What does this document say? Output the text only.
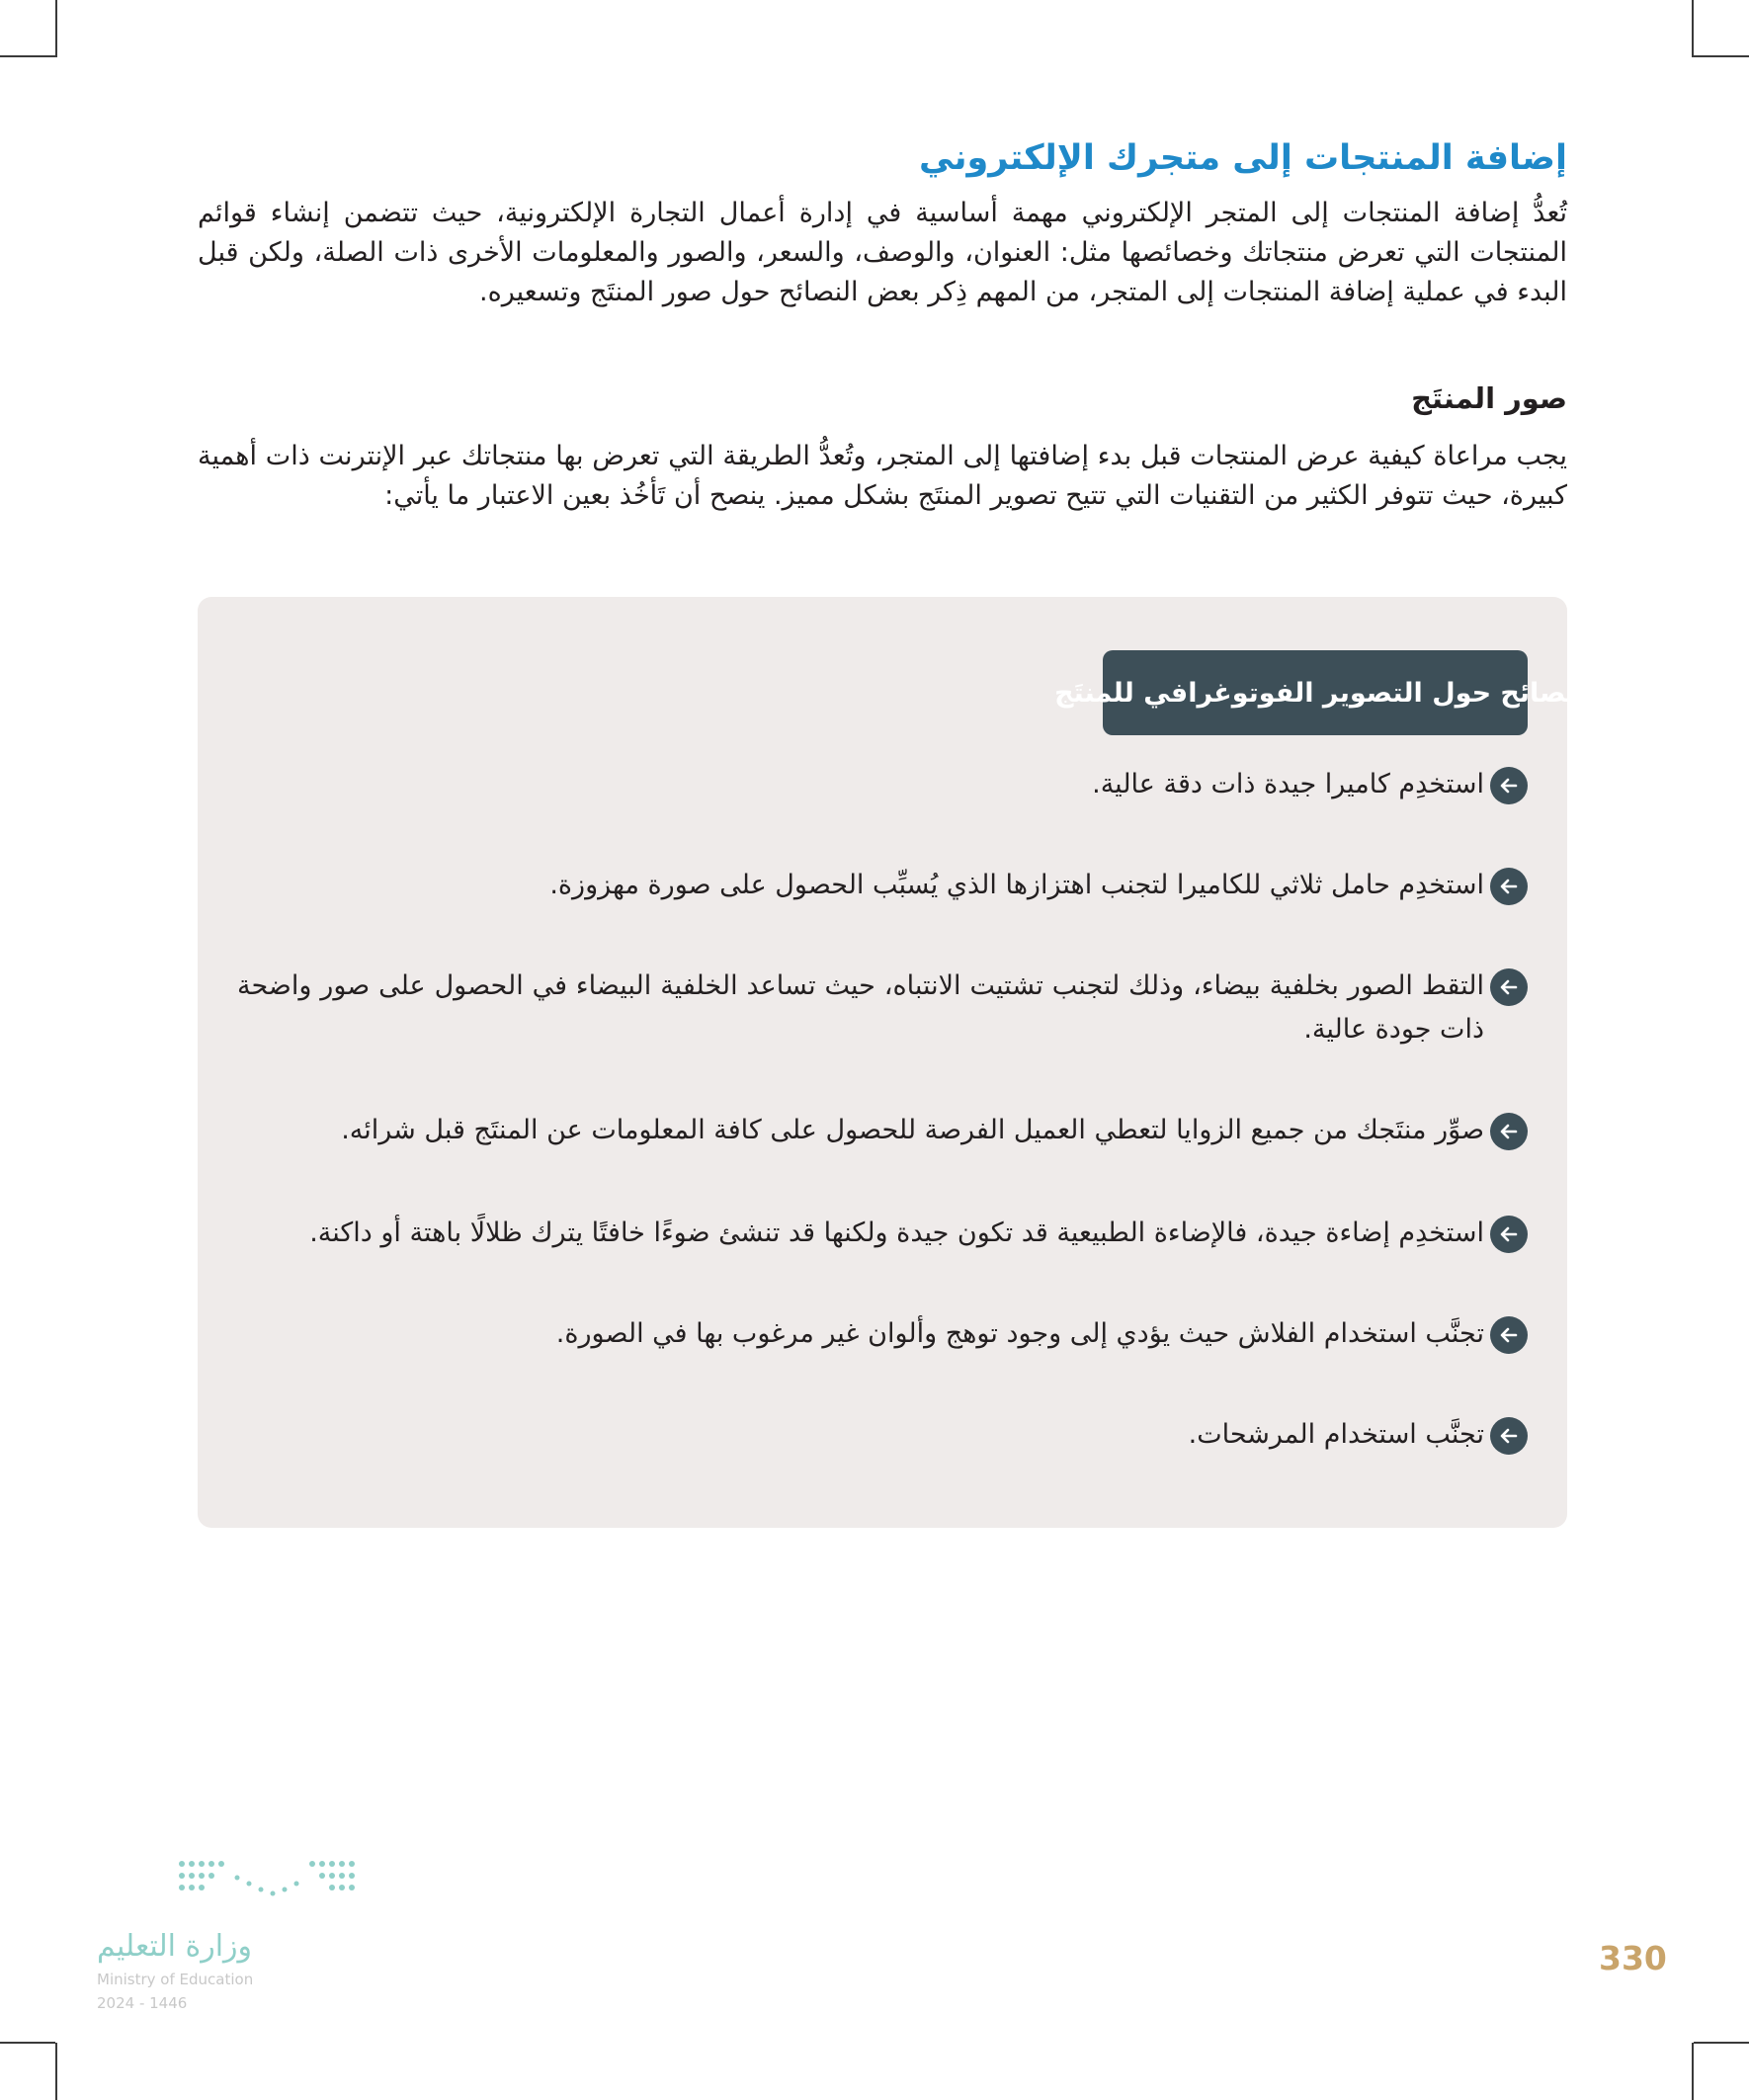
إضافة المنتجات إلى متجرك الإلكتروني

تُعدُّ إضافة المنتجات إلى المتجر الإلكتروني مهمة أساسية في إدارة أعمال التجارة الإلكترونية، حيث تتضمن إنشاء قوائم المنتجات التي تعرض منتجاتك وخصائصها مثل: العنوان، والوصف، والسعر، والصور والمعلومات الأخرى ذات الصلة، ولكن قبل البدء في عملية إضافة المنتجات إلى المتجر، من المهم ذِكر بعض النصائح حول صور المنتَج وتسعيره.

صور المنتَج

يجب مراعاة كيفية عرض المنتجات قبل بدء إضافتها إلى المتجر، وتُعدُّ الطريقة التي تعرض بها منتجاتك عبر الإنترنت ذات أهمية كبيرة، حيث تتوفر الكثير من التقنيات التي تتيح تصوير المنتَج بشكل مميز. ينصح أن تَأخُذ بعين الاعتبار ما يأتي:

نصائح حول التصوير الفوتوغرافي للمنتَج
استخدِم كاميرا جيدة ذات دقة عالية.
استخدِم حامل ثلاثي للكاميرا لتجنب اهتزازها الذي يُسبِّب الحصول على صورة مهزوزة.
التقط الصور بخلفية بيضاء، وذلك لتجنب تشتيت الانتباه، حيث تساعد الخلفية البيضاء في الحصول على صور واضحة ذات جودة عالية.
صوِّر منتَجك من جميع الزوايا لتعطي العميل الفرصة للحصول على كافة المعلومات عن المنتَج قبل شرائه.
استخدِم إضاءة جيدة، فالإضاءة الطبيعية قد تكون جيدة ولكنها قد تنشئ ضوءًا خافتًا يترك ظلالًا باهتة أو داكنة.
تجنَّب استخدام الفلاش حيث يؤدي إلى وجود توهج وألوان غير مرغوب بها في الصورة.
تجنَّب استخدام المرشحات.
وزارة التعليم
Ministry of Education
2024 - 1446
330
